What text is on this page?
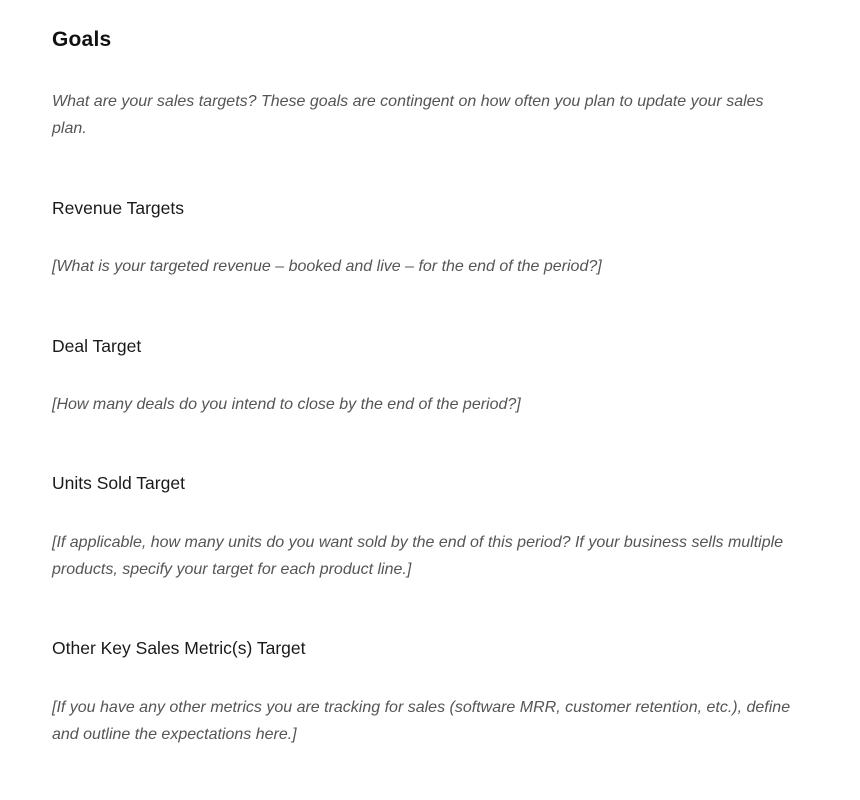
Goals

What are your sales targets? These goals are contingent on how often you plan to update your sales plan.

Revenue Targets

[What is your targeted revenue – booked and live – for the end of the period?]

Deal Target

[How many deals do you intend to close by the end of the period?]

Units Sold Target

[If applicable, how many units do you want sold by the end of this period? If your business sells multiple products, specify your target for each product line.]

Other Key Sales Metric(s) Target

[If you have any other metrics you are tracking for sales (software MRR, customer retention, etc.), define and outline the expectations here.]
